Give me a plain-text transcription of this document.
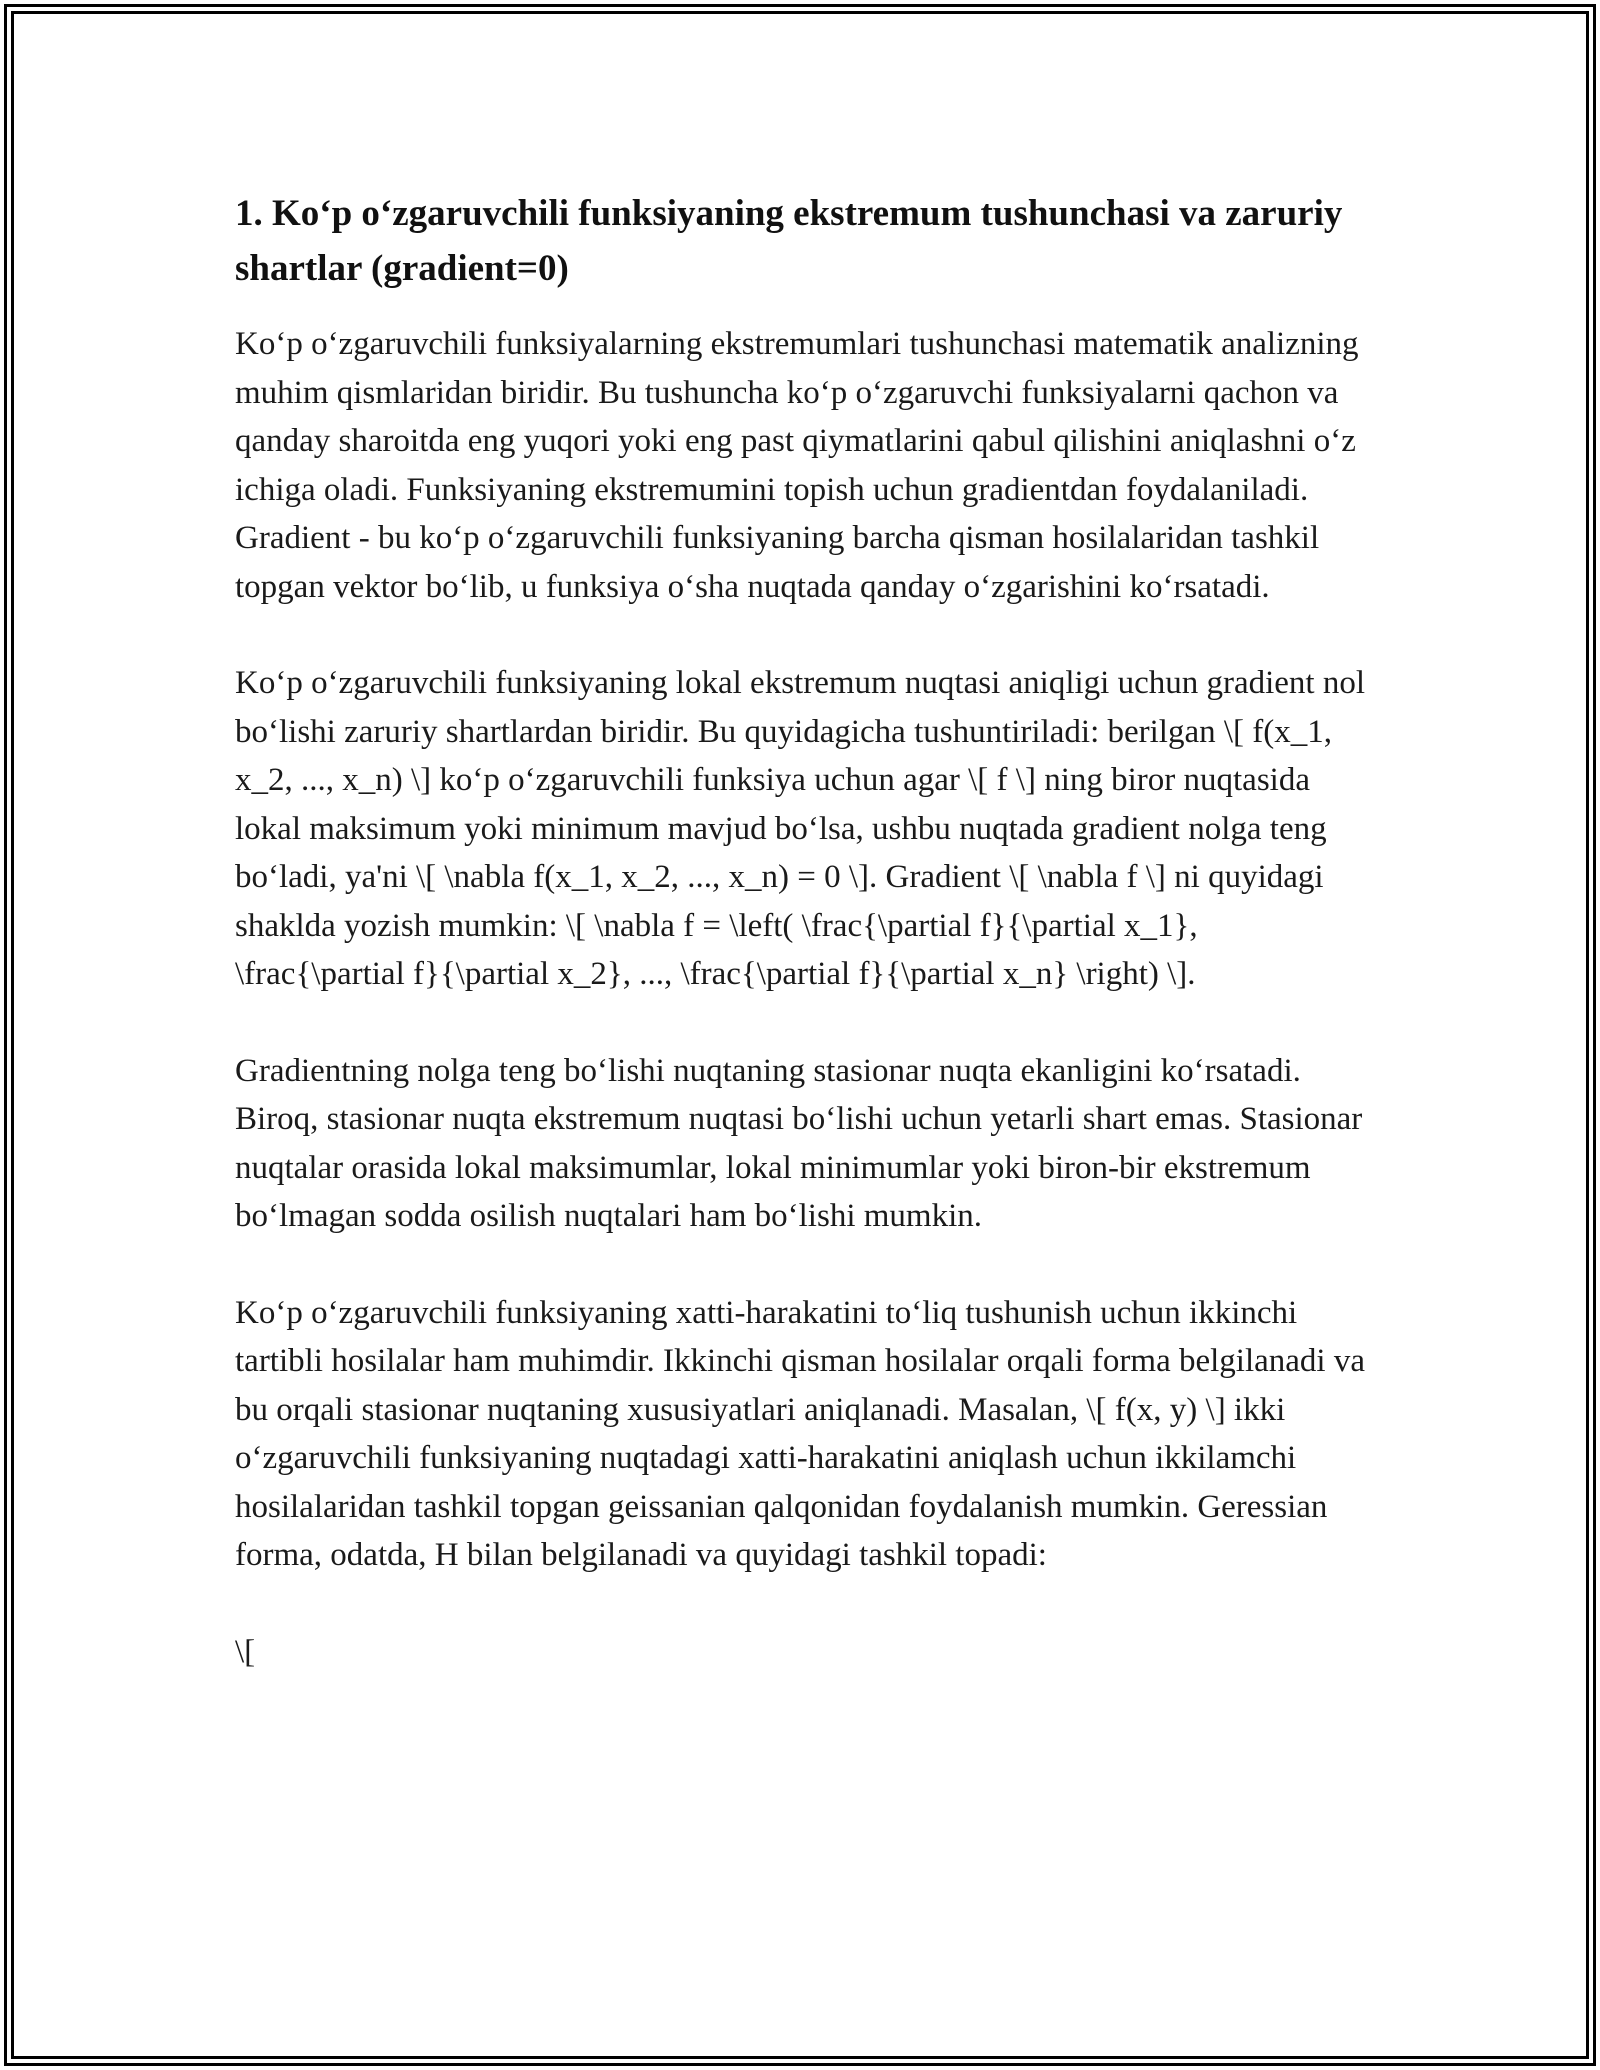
1. Ko‘p o‘zgaruvchili funksiyaning ekstremum tushunchasi va zaruriy shartlar (gradient=0)

Ko‘p o‘zgaruvchili funksiyalarning ekstremumlari tushunchasi matematik analizning muhim qismlaridan biridir. Bu tushuncha ko‘p o‘zgaruvchi funksiyalarni qachon va qanday sharoitda eng yuqori yoki eng past qiymatlarini qabul qilishini aniqlashni o‘z ichiga oladi. Funksiyaning ekstremumini topish uchun gradientdan foydalaniladi. Gradient - bu ko‘p o‘zgaruvchili funksiyaning barcha qisman hosilalaridan tashkil topgan vektor bo‘lib, u funksiya o‘sha nuqtada qanday o‘zgarishini ko‘rsatadi.

Ko‘p o‘zgaruvchili funksiyaning lokal ekstremum nuqtasi aniqligi uchun gradient nol bo‘lishi zaruriy shartlardan biridir. Bu quyidagicha tushuntiriladi: berilgan \[ f(x_1, x_2, ..., x_n) \] ko‘p o‘zgaruvchili funksiya uchun agar \[ f \] ning biror nuqtasida lokal maksimum yoki minimum mavjud bo‘lsa, ushbu nuqtada gradient nolga teng bo‘ladi, ya'ni \[ \nabla f(x_1, x_2, ..., x_n) = 0 \]. Gradient \[ \nabla f \] ni quyidagi shaklda yozish mumkin: \[ \nabla f = \left( \frac{\partial f}{\partial x_1}, \frac{\partial f}{\partial x_2}, ..., \frac{\partial f}{\partial x_n} \right) \].

Gradientning nolga teng bo‘lishi nuqtaning stasionar nuqta ekanligini ko‘rsatadi. Biroq, stasionar nuqta ekstremum nuqtasi bo‘lishi uchun yetarli shart emas. Stasionar nuqtalar orasida lokal maksimumlar, lokal minimumlar yoki biron-bir ekstremum bo‘lmagan sodda osilish nuqtalari ham bo‘lishi mumkin.

Ko‘p o‘zgaruvchili funksiyaning xatti-harakatini to‘liq tushunish uchun ikkinchi tartibli hosilalar ham muhimdir. Ikkinchi qisman hosilalar orqali forma belgilanadi va bu orqali stasionar nuqtaning xususiyatlari aniqlanadi. Masalan, \[ f(x, y) \] ikki o‘zgaruvchili funksiyaning nuqtadagi xatti-harakatini aniqlash uchun ikkilamchi hosilalaridan tashkil topgan geissanian qalqonidan foydalanish mumkin. Geressian forma, odatda, H bilan belgilanadi va quyidagi tashkil topadi:

\[
